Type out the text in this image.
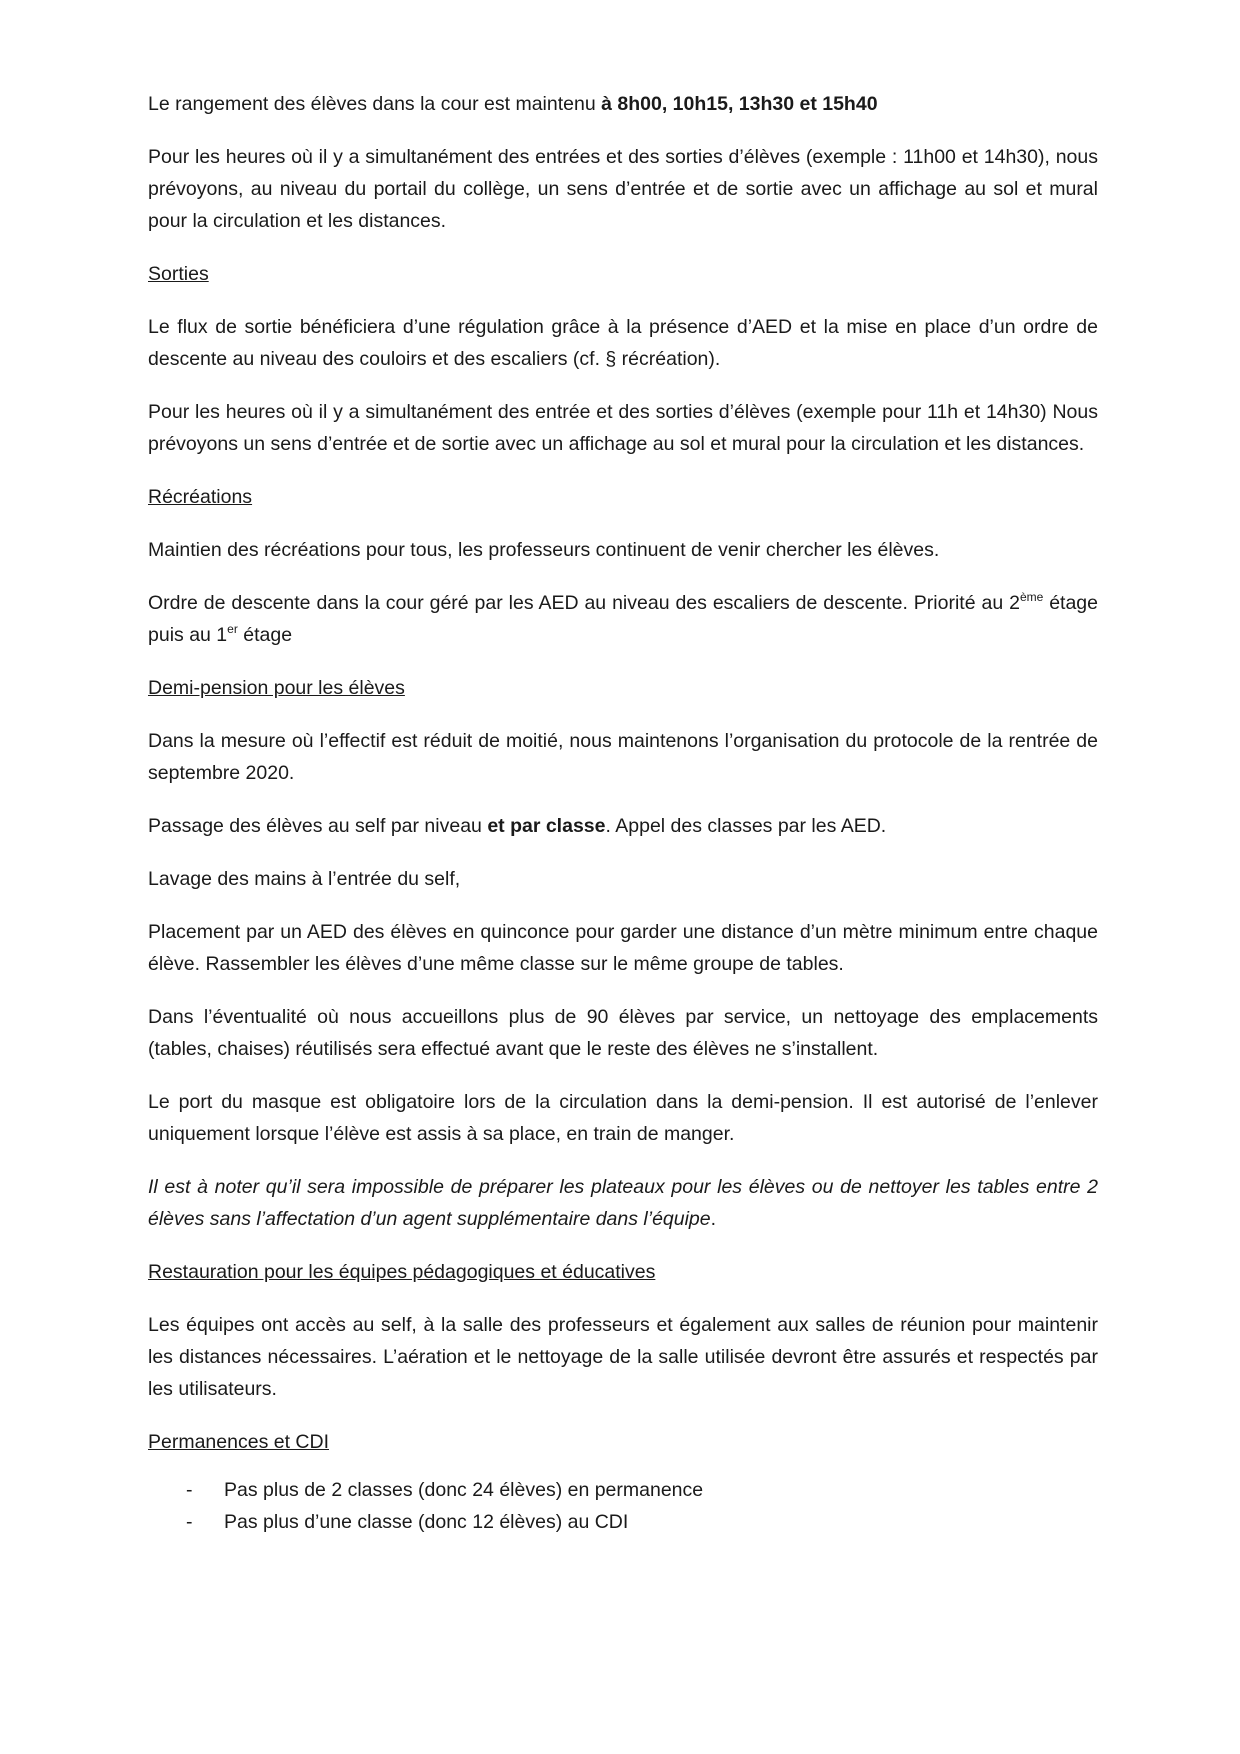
Le rangement des élèves dans la cour est maintenu à 8h00, 10h15, 13h30 et 15h40

Pour les heures où il y a simultanément des entrées et des sorties d’élèves (exemple : 11h00 et 14h30), nous prévoyons, au niveau du portail du collège, un sens d’entrée et de sortie avec un affichage au sol et mural pour la circulation et les distances.

Sorties

Le flux de sortie bénéficiera d’une régulation grâce à la présence d’AED et la mise en place d’un ordre de descente au niveau des couloirs et des escaliers (cf. § récréation).

Pour les heures où il y a simultanément des entrée et des sorties d’élèves (exemple pour 11h et 14h30) Nous prévoyons un sens d’entrée et de sortie avec un affichage au sol et mural pour la circulation et les distances.

Récréations

Maintien des récréations pour tous, les professeurs continuent de venir chercher les élèves.

Ordre de descente dans la cour géré par les AED au niveau des escaliers de descente. Priorité au 2ème étage puis au 1er étage

Demi-pension pour les élèves

Dans la mesure où l’effectif est réduit de moitié, nous maintenons l’organisation du protocole de la rentrée de septembre 2020.

Passage des élèves au self par niveau et par classe. Appel des classes par les AED.

Lavage des mains à l’entrée du self,

Placement par un AED des élèves en quinconce pour garder une distance d’un mètre minimum entre chaque élève. Rassembler les élèves d’une même classe sur le même groupe de tables.

Dans l’éventualité où nous accueillons plus de 90 élèves par service, un nettoyage des emplacements (tables, chaises) réutilisés sera effectué avant que le reste des élèves ne s’installent.

Le port du masque est obligatoire lors de la circulation dans la demi-pension. Il est autorisé de l’enlever uniquement lorsque l’élève est assis à sa place, en train de manger.

Il est à noter qu’il sera impossible de préparer les plateaux pour les élèves ou de nettoyer les tables entre 2 élèves sans l’affectation d’un agent supplémentaire dans l’équipe.

Restauration pour les équipes pédagogiques et éducatives

Les équipes ont accès au self, à la salle des professeurs et également aux salles de réunion pour maintenir les distances nécessaires. L’aération et le nettoyage de la salle utilisée devront être assurés et respectés par les utilisateurs.

Permanences et CDI
- Pas plus de 2 classes (donc 24 élèves) en permanence
- Pas plus d’une classe (donc 12 élèves) au CDI
